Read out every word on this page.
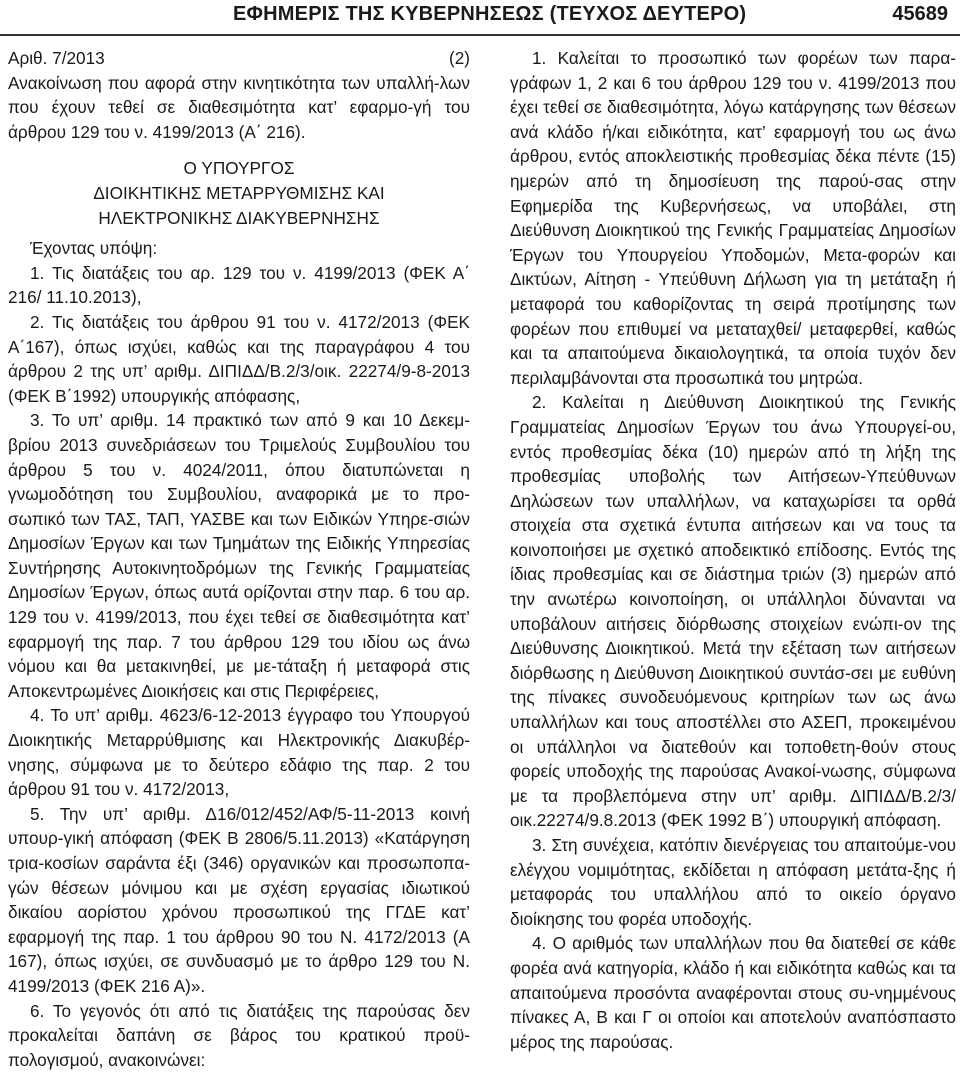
ΕΦΗΜΕΡΙΣ ΤΗΣ ΚΥΒΕΡΝΗΣΕΩΣ (ΤΕΥΧΟΣ ΔΕΥΤΕΡΟ)	45689
Αριθ. 7/2013	(2)

Ανακοίνωση που αφορά στην κινητικότητα των υπαλλή-λων που έχουν τεθεί σε διαθεσιμότητα κατ’ εφαρμο-γή του άρθρου 129 του ν. 4199/2013 (Α΄ 216).

Ο ΥΠΟΥΡΓΟΣ

ΔΙΟΙΚΗΤΙΚΗΣ ΜΕΤΑΡΡΥΘΜΙΣΗΣ ΚΑΙ

ΗΛΕΚΤΡΟΝΙΚΗΣ ΔΙΑΚΥΒΕΡΝΗΣΗΣ

Έχοντας υπόψη:

1. Τις διατάξεις του αρ. 129 του ν. 4199/2013 (ΦΕΚ Α΄ 216/ 11.10.2013),

2. Τις διατάξεις του άρθρου 91 του ν. 4172/2013 (ΦΕΚ Α΄167), όπως ισχύει, καθώς και της παραγράφου 4 του άρθρου 2 της υπ’ αριθμ. ΔΙΠΙΔΔ/Β.2/3/οικ. 22274/9-8-2013 (ΦΕΚ Β΄1992) υπουργικής απόφασης,

3. Το υπ’ αριθμ. 14 πρακτικό των από 9 και 10 Δεκεμ-βρίου 2013 συνεδριάσεων του Τριμελούς Συμβουλίου του άρθρου 5 του ν. 4024/2011, όπου διατυπώνεται η γνωμοδότηση του Συμβουλίου, αναφορικά με το προ-σωπικό των ΤΑΣ, ΤΑΠ, ΥΑΣΒΕ και των Ειδικών Υπηρε-σιών Δημοσίων Έργων και των Τμημάτων της Ειδικής Υπηρεσίας Συντήρησης Αυτοκινητοδρόμων της Γενικής Γραμματείας Δημοσίων Έργων, όπως αυτά ορίζονται στην παρ. 6 του αρ. 129 του ν. 4199/2013, που έχει τεθεί σε διαθεσιμότητα κατ’ εφαρμογή της παρ. 7 του άρθρου 129 του ιδίου ως άνω νόμου και θα μετακινηθεί, με με-τάταξη ή μεταφορά στις Αποκεντρωμένες Διοικήσεις και στις Περιφέρειες,

4. Το υπ’ αριθμ. 4623/6-12-2013 έγγραφο του Υπουργού Διοικητικής Μεταρρύθμισης και Ηλεκτρονικής Διακυβέρ-νησης, σύμφωνα με το δεύτερο εδάφιο της παρ. 2 του άρθρου 91 του ν. 4172/2013,

5. Την υπ’ αριθμ. Δ16/012/452/ΑΦ/5-11-2013 κοινή υπουρ-γική απόφαση (ΦΕΚ Β 2806/5.11.2013) «Κατάργηση τρια-κοσίων σαράντα έξι (346) οργανικών και προσωποπα-γών θέσεων μόνιμου και με σχέση εργασίας ιδιωτικού δικαίου αορίστου χρόνου προσωπικού της ΓΓΔΕ κατ’ εφαρμογή της παρ. 1 του άρθρου 90 του Ν. 4172/2013 (Α 167), όπως ισχύει, σε συνδυασμό με το άρθρο 129 του Ν. 4199/2013 (ΦΕΚ 216 Α)».

6. Το γεγονός ότι από τις διατάξεις της παρούσας δεν προκαλείται δαπάνη σε βάρος του κρατικού προϋ-πολογισμού, ανακοινώνει:

1. Καλείται το προσωπικό των φορέων των παρα-γράφων 1, 2 και 6 του άρθρου 129 του ν. 4199/2013 που έχει τεθεί σε διαθεσιμότητα, λόγω κατάργησης των θέσεων ανά κλάδο ή/και ειδικότητα, κατ’ εφαρμογή του ως άνω άρθρου, εντός αποκλειστικής προθεσμίας δέκα πέντε (15) ημερών από τη δημοσίευση της παρού-σας στην Εφημερίδα της Κυβερνήσεως, να υποβάλει, στη Διεύθυνση Διοικητικού της Γενικής Γραμματείας Δημοσίων Έργων του Υπουργείου Υποδομών, Μετα-φορών και Δικτύων, Αίτηση - Υπεύθυνη Δήλωση για τη μετάταξη ή μεταφορά του καθορίζοντας τη σειρά προτίμησης των φορέων που επιθυμεί να μεταταχθεί/ μεταφερθεί, καθώς και τα απαιτούμενα δικαιολογητικά, τα οποία τυχόν δεν περιλαμβάνονται στα προσωπικά του μητρώα.

2. Καλείται η Διεύθυνση Διοικητικού της Γενικής Γραμματείας Δημοσίων Έργων του άνω Υπουργεί-ου, εντός προθεσμίας δέκα (10) ημερών από τη λήξη της προθεσμίας υποβολής των Αιτήσεων-Υπεύθυνων Δηλώσεων των υπαλλήλων, να καταχωρίσει τα ορθά στοιχεία στα σχετικά έντυπα αιτήσεων και να τους τα κοινοποιήσει με σχετικό αποδεικτικό επίδοσης. Εντός της ίδιας προθεσμίας και σε διάστημα τριών (3) ημερών από την ανωτέρω κοινοποίηση, οι υπάλληλοι δύνανται να υποβάλουν αιτήσεις διόρθωσης στοιχείων ενώπι-ον της Διεύθυνσης Διοικητικού. Μετά την εξέταση των αιτήσεων διόρθωσης η Διεύθυνση Διοικητικού συντάσ-σει με ευθύνη της πίνακες συνοδευόμενους κριτηρίων των ως άνω υπαλλήλων και τους αποστέλλει στο ΑΣΕΠ, προκειμένου οι υπάλληλοι να διατεθούν και τοποθετη-θούν στους φορείς υποδοχής της παρούσας Ανακοί-νωσης, σύμφωνα με τα προβλεπόμενα στην υπ’ αριθμ. ΔΙΠΙΔΔ/Β.2/3/οικ.22274/9.8.2013 (ΦΕΚ 1992 Β΄) υπουργική απόφαση.

3. Στη συνέχεια, κατόπιν διενέργειας του απαιτούμε-νου ελέγχου νομιμότητας, εκδίδεται η απόφαση μετάτα-ξης ή μεταφοράς του υπαλλήλου από το οικείο όργανο διοίκησης του φορέα υποδοχής.

4. Ο αριθμός των υπαλλήλων που θα διατεθεί σε κάθε φορέα ανά κατηγορία, κλάδο ή και ειδικότητα καθώς και τα απαιτούμενα προσόντα αναφέρονται στους συ-νημμένους πίνακες Α, Β και Γ οι οποίοι και αποτελούν αναπόσπαστο μέρος της παρούσας.
